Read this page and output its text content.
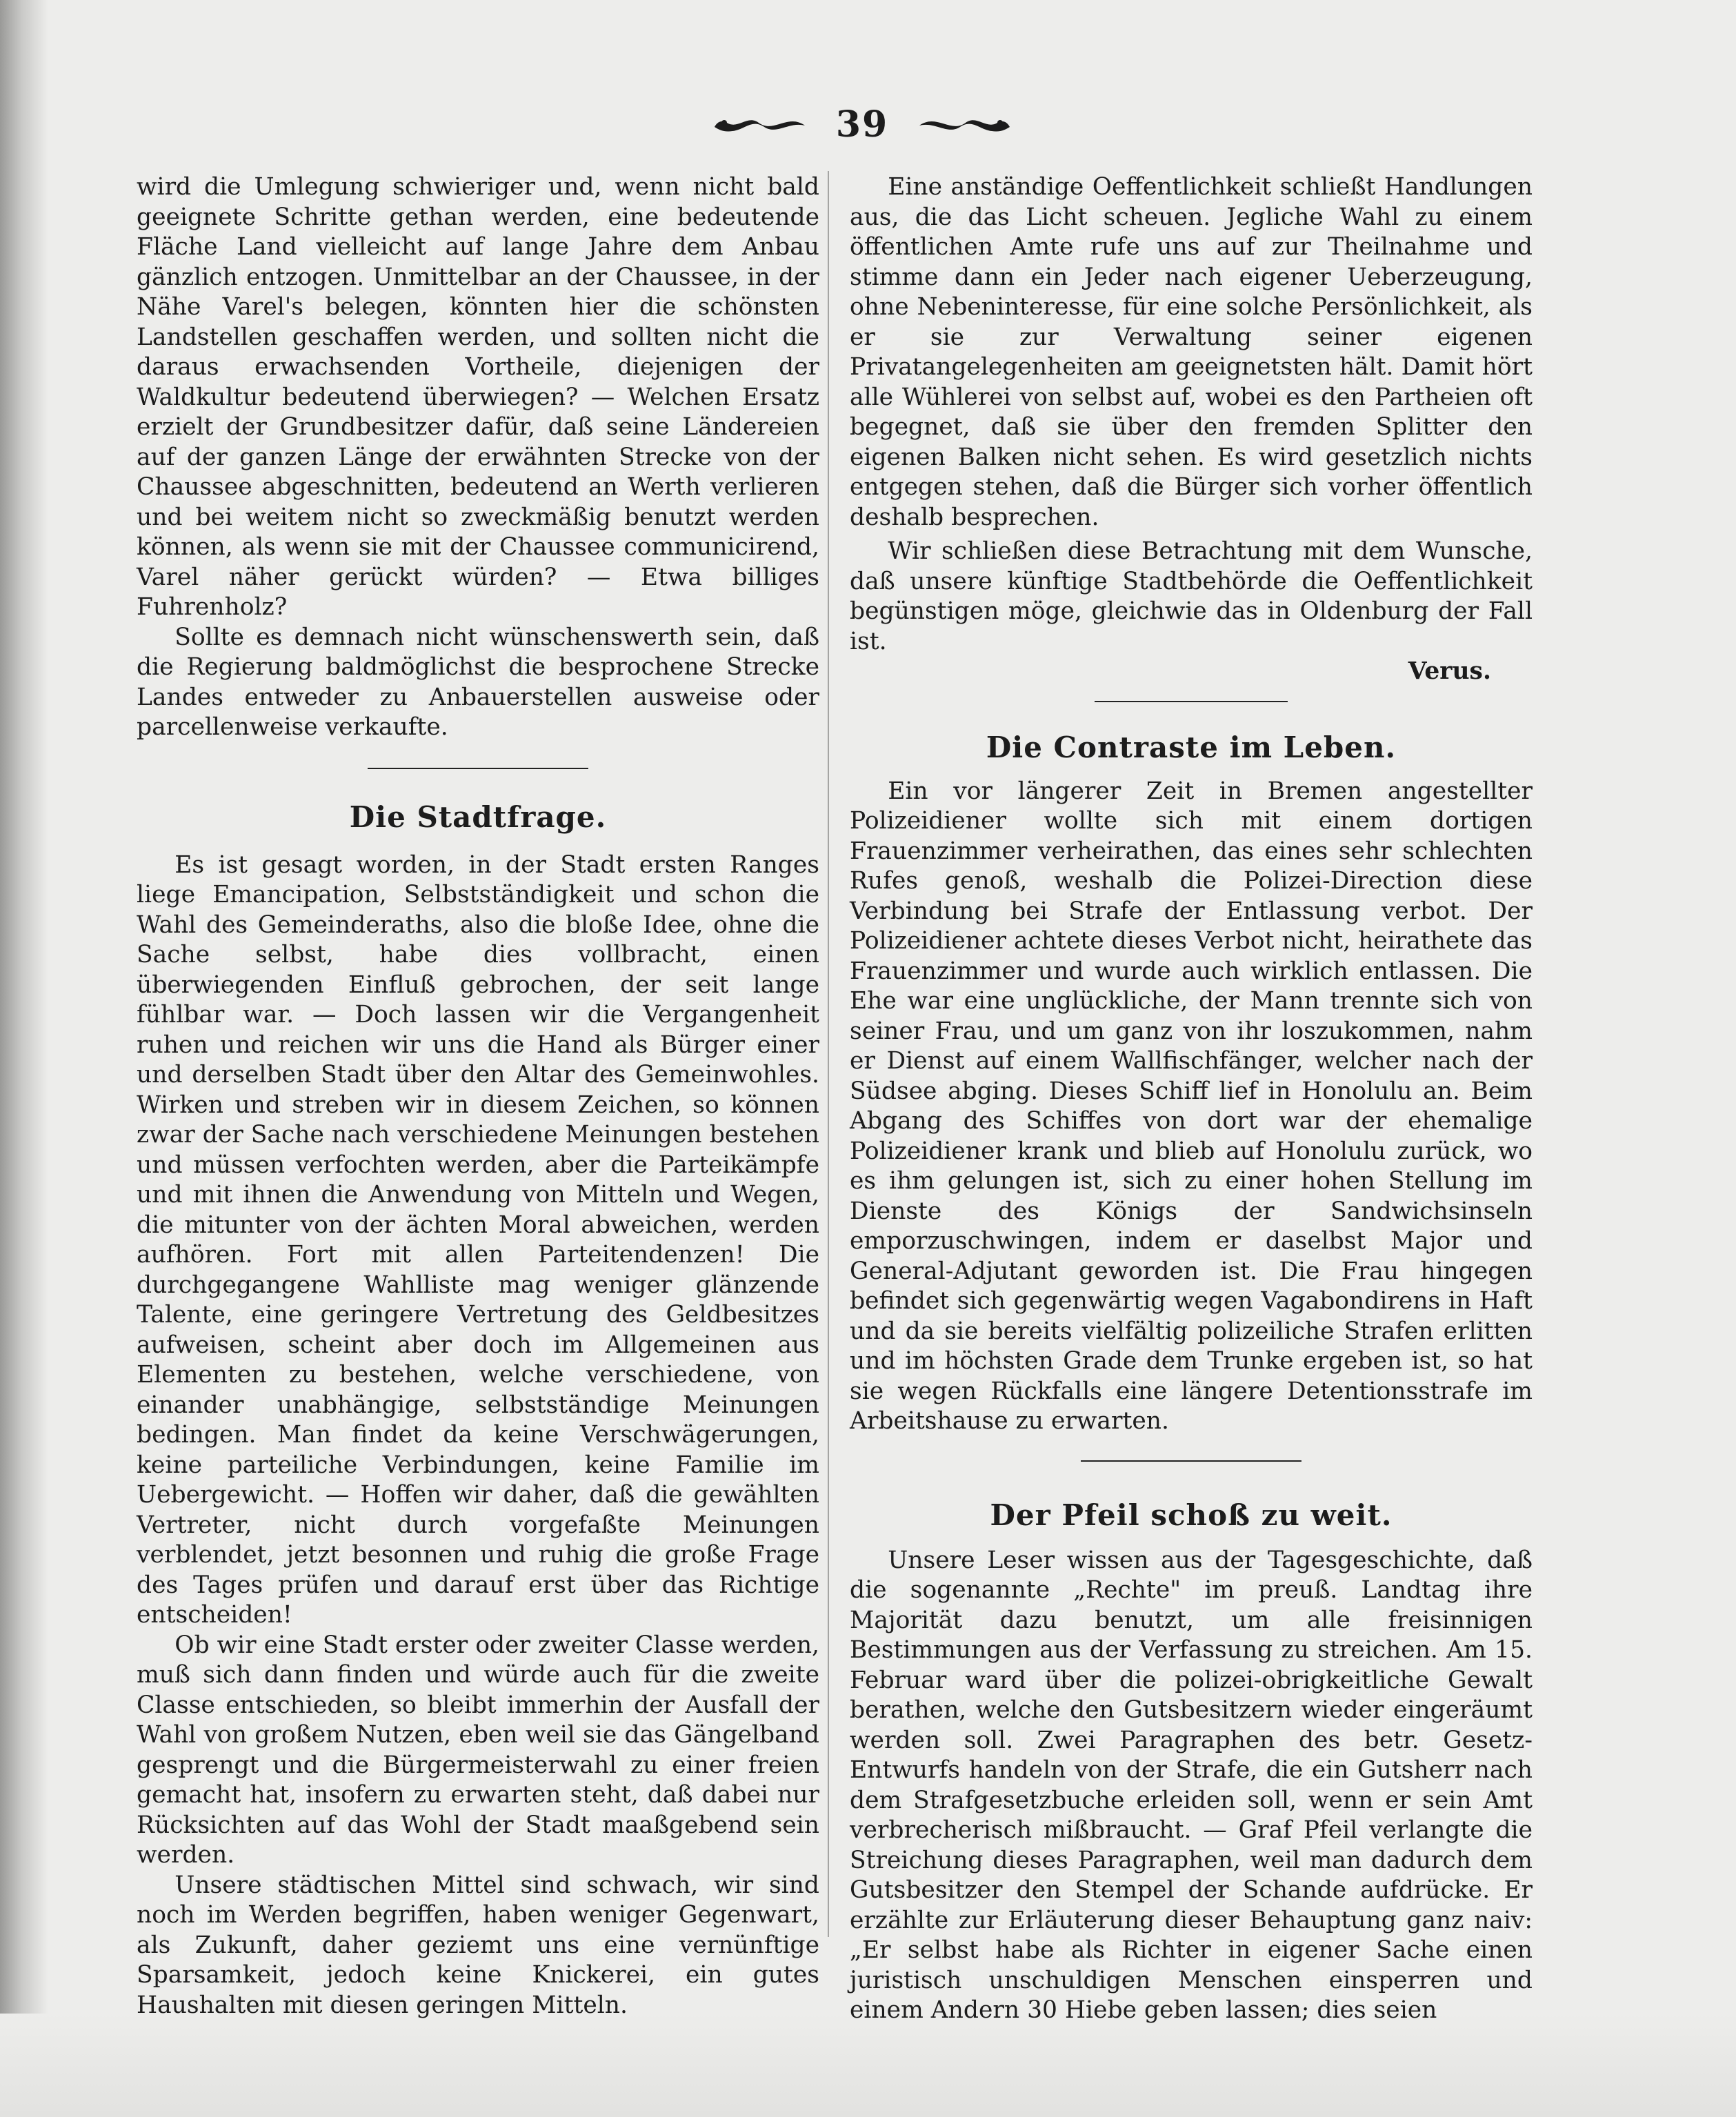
39

wird die Umlegung schwieriger und, wenn nicht bald geeignete Schritte gethan werden, eine bedeutende Fläche Land vielleicht auf lange Jahre dem Anbau gänzlich entzogen. Unmittelbar an der Chaussee, in der Nähe Varel's belegen, könnten hier die schönsten Landstellen geschaffen werden, und sollten nicht die daraus erwachsenden Vortheile, diejenigen der Waldkultur bedeutend überwiegen? — Welchen Ersatz erzielt der Grundbesitzer dafür, daß seine Ländereien auf der ganzen Länge der erwähnten Strecke von der Chaussee abgeschnitten, bedeutend an Werth verlieren und bei weitem nicht so zweckmäßig benutzt werden können, als wenn sie mit der Chaussee communicirend, Varel näher gerückt würden? — Etwa billiges Fuhrenholz?

Sollte es demnach nicht wünschenswerth sein, daß die Regierung baldmöglichst die besprochene Strecke Landes entweder zu Anbauerstellen ausweise oder parcellenweise verkaufte.

Die Stadtfrage.

Es ist gesagt worden, in der Stadt ersten Ranges liege Emancipation, Selbstständigkeit und schon die Wahl des Gemeinderaths, also die bloße Idee, ohne die Sache selbst, habe dies vollbracht, einen überwiegenden Einfluß gebrochen, der seit lange fühlbar war. — Doch lassen wir die Vergangenheit ruhen und reichen wir uns die Hand als Bürger einer und derselben Stadt über den Altar des Gemeinwohles. Wirken und streben wir in diesem Zeichen, so können zwar der Sache nach verschiedene Meinungen bestehen und müssen verfochten werden, aber die Parteikämpfe und mit ihnen die Anwendung von Mitteln und Wegen, die mitunter von der ächten Moral abweichen, werden aufhören. Fort mit allen Parteitendenzen! Die durchgegangene Wahlliste mag weniger glänzende Talente, eine geringere Vertretung des Geldbesitzes aufweisen, scheint aber doch im Allgemeinen aus Elementen zu bestehen, welche verschiedene, von einander unabhängige, selbstständige Meinungen bedingen. Man findet da keine Verschwägerungen, keine parteiliche Verbindungen, keine Familie im Uebergewicht. — Hoffen wir daher, daß die gewählten Vertreter, nicht durch vorgefaßte Meinungen verblendet, jetzt besonnen und ruhig die große Frage des Tages prüfen und darauf erst über das Richtige entscheiden!

Ob wir eine Stadt erster oder zweiter Classe werden, muß sich dann finden und würde auch für die zweite Classe entschieden, so bleibt immerhin der Ausfall der Wahl von großem Nutzen, eben weil sie das Gängelband gesprengt und die Bürgermeisterwahl zu einer freien gemacht hat, insofern zu erwarten steht, daß dabei nur Rücksichten auf das Wohl der Stadt maaßgebend sein werden.

Unsere städtischen Mittel sind schwach, wir sind noch im Werden begriffen, haben weniger Gegenwart, als Zukunft, daher geziemt uns eine vernünftige Sparsamkeit, jedoch keine Knickerei, ein gutes Haushalten mit diesen geringen Mitteln.

Eine anständige Oeffentlichkeit schließt Handlungen aus, die das Licht scheuen. Jegliche Wahl zu einem öffentlichen Amte rufe uns auf zur Theilnahme und stimme dann ein Jeder nach eigener Ueberzeugung, ohne Nebeninteresse, für eine solche Persönlichkeit, als er sie zur Verwaltung seiner eigenen Privatangelegenheiten am geeignetsten hält. Damit hört alle Wühlerei von selbst auf, wobei es den Partheien oft begegnet, daß sie über den fremden Splitter den eigenen Balken nicht sehen. Es wird gesetzlich nichts entgegen stehen, daß die Bürger sich vorher öffentlich deshalb besprechen.

Wir schließen diese Betrachtung mit dem Wunsche, daß unsere künftige Stadtbehörde die Oeffentlichkeit begünstigen möge, gleichwie das in Oldenburg der Fall ist.

Verus.
Die Contraste im Leben.

Ein vor längerer Zeit in Bremen angestellter Polizeidiener wollte sich mit einem dortigen Frauenzimmer verheirathen, das eines sehr schlechten Rufes genoß, weshalb die Polizei-Direction diese Verbindung bei Strafe der Entlassung verbot. Der Polizeidiener achtete dieses Verbot nicht, heirathete das Frauenzimmer und wurde auch wirklich entlassen. Die Ehe war eine unglückliche, der Mann trennte sich von seiner Frau, und um ganz von ihr loszukommen, nahm er Dienst auf einem Wallfischfänger, welcher nach der Südsee abging. Dieses Schiff lief in Honolulu an. Beim Abgang des Schiffes von dort war der ehemalige Polizeidiener krank und blieb auf Honolulu zurück, wo es ihm gelungen ist, sich zu einer hohen Stellung im Dienste des Königs der Sandwichsinseln emporzuschwingen, indem er daselbst Major und General-Adjutant geworden ist. Die Frau hingegen befindet sich gegenwärtig wegen Vagabondirens in Haft und da sie bereits vielfältig polizeiliche Strafen erlitten und im höchsten Grade dem Trunke ergeben ist, so hat sie wegen Rückfalls eine längere Detentionsstrafe im Arbeitshause zu erwarten.

Der Pfeil schoß zu weit.

Unsere Leser wissen aus der Tagesgeschichte, daß die sogenannte „Rechte" im preuß. Landtag ihre Majorität dazu benutzt, um alle freisinnigen Bestimmungen aus der Verfassung zu streichen. Am 15. Februar ward über die polizei-obrigkeitliche Gewalt berathen, welche den Gutsbesitzern wieder eingeräumt werden soll. Zwei Paragraphen des betr. Gesetz-Entwurfs handeln von der Strafe, die ein Gutsherr nach dem Strafgesetzbuche erleiden soll, wenn er sein Amt verbrecherisch mißbraucht. — Graf Pfeil verlangte die Streichung dieses Paragraphen, weil man dadurch dem Gutsbesitzer den Stempel der Schande aufdrücke. Er erzählte zur Erläuterung dieser Behauptung ganz naiv: „Er selbst habe als Richter in eigener Sache einen juristisch unschuldigen Menschen einsperren und einem Andern 30 Hiebe geben lassen; dies seien
